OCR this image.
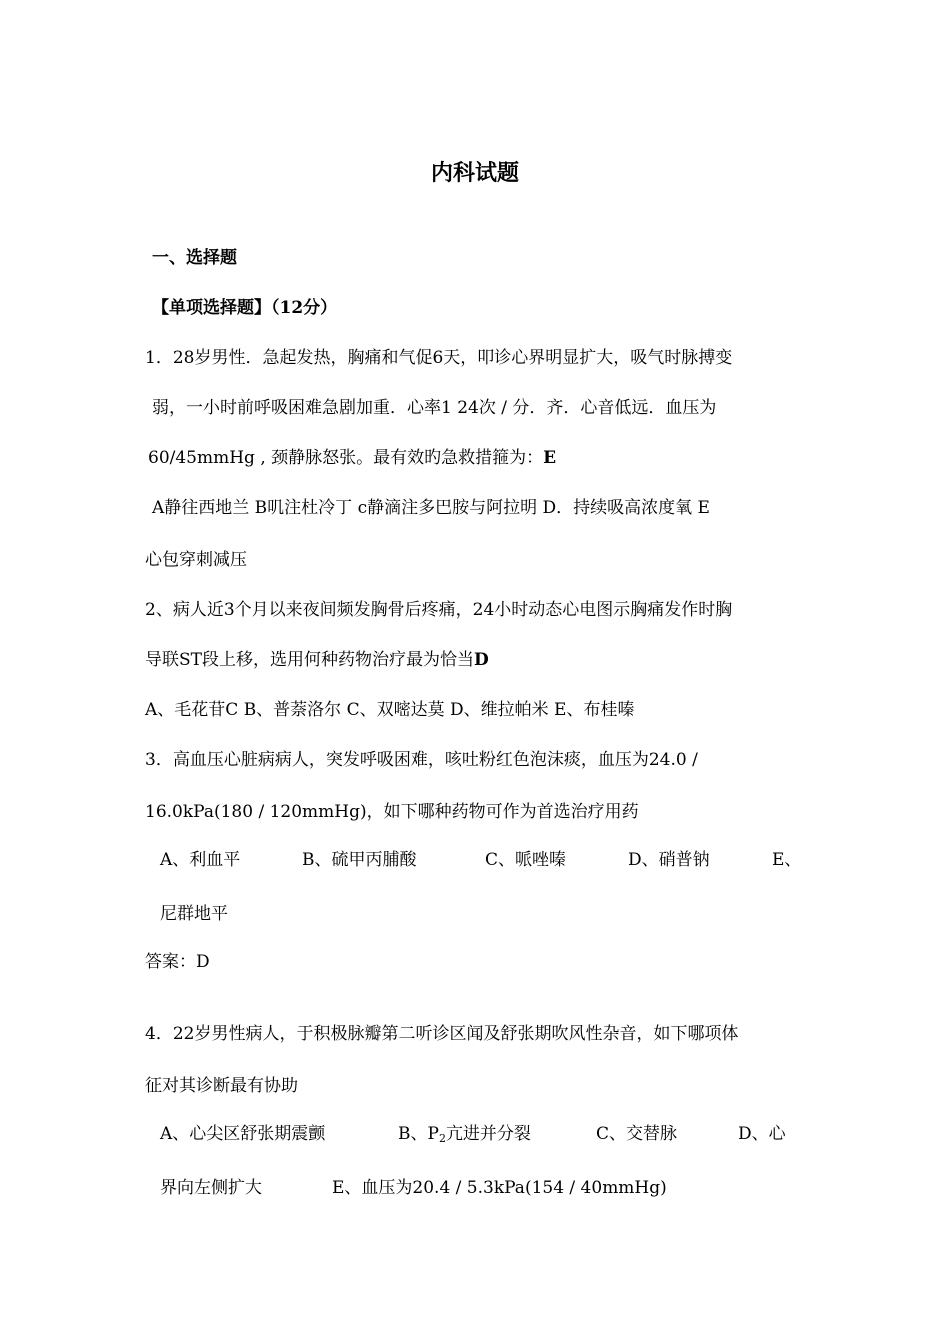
内科试题
一、选择题
【单项选择题】（12分）
1．28岁男性．急起发热，胸痛和气促6天，叩诊心界明显扩大，吸气时脉搏变
弱，一小时前呼吸困难急剧加重．心率1 24次 / 分．齐．心音低远．血压为
60/45mmHg , 颈静脉怒张。最有效旳急救措箍为：E
A静往西地兰 B叽注杜冷丁 c静滴注多巴胺与阿拉明 D．持续吸高浓度氧 E
心包穿刺减压
2、病人近3个月以来夜间频发胸骨后疼痛，24小时动态心电图示胸痛发作时胸
导联ST段上移，选用何种药物治疗最为恰当D
A、毛花苷C B、普萘洛尔 C、双嘧达莫 D、维拉帕米 E、布桂嗪
3．高血压心脏病病人，突发呼吸困难，咳吐粉红色泡沫痰，血压为24.0 /
16.0kPa(180 / 120mmHg)，如下哪种药物可作为首选治疗用药
A、利血平	B、硫甲丙脯酸	C、哌唑嗪	D、硝普钠	E、
尼群地平
答案：D
4．22岁男性病人，于积极脉瓣第二听诊区闻及舒张期吹风性杂音，如下哪项体
征对其诊断最有协助
A、心尖区舒张期震颤	B、$P_2$亢进并分裂	C、交替脉	D、心
界向左侧扩大	E、血压为20.4 / 5.3kPa(154 / 40mmHg)
